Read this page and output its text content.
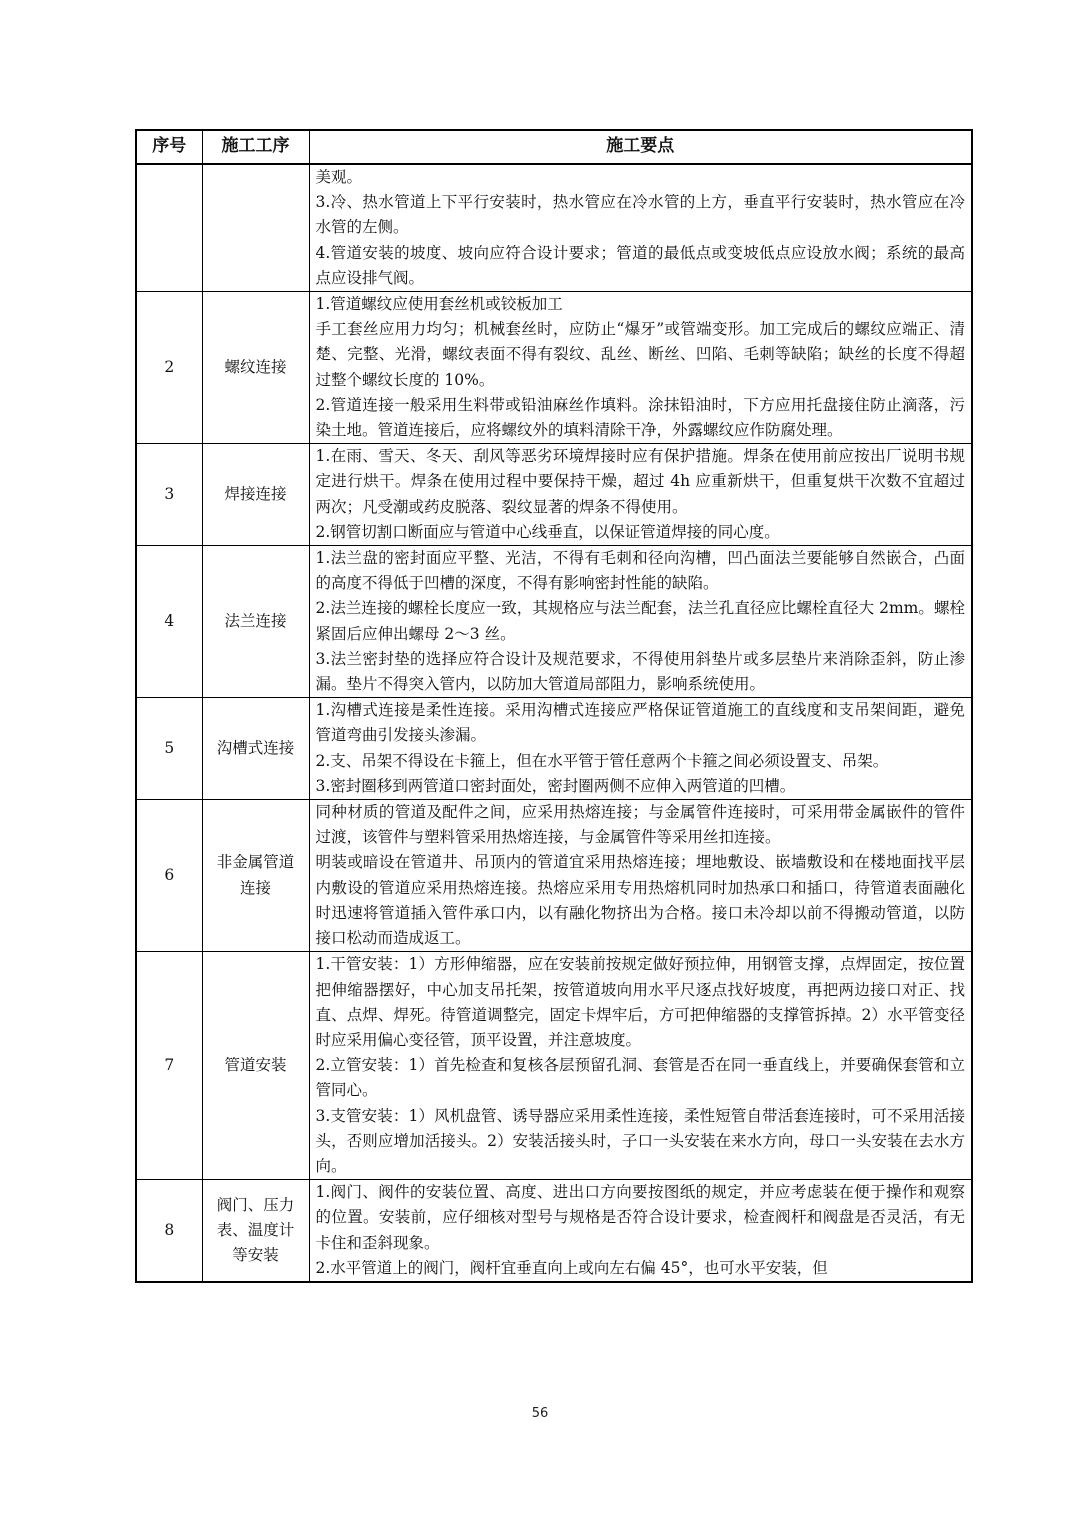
序号	施工工序	施工要点

		美观。
3.冷、热水管道上下平行安装时，热水管应在冷水管的上方，垂直平行安装时，热水管应在冷水管的左侧。
4.管道安装的坡度、坡向应符合设计要求；管道的最低点或变坡低点应设放水阀；系统的最高点应设排气阀。

2	螺纹连接	1.管道螺纹应使用套丝机或铰板加工
手工套丝应用力均匀；机械套丝时，应防止“爆牙”或管端变形。加工完成后的螺纹应端正、清楚、完整、光滑，螺纹表面不得有裂纹、乱丝、断丝、凹陷、毛刺等缺陷；缺丝的长度不得超过整个螺纹长度的 10%。
2.管道连接一般采用生料带或铅油麻丝作填料。涂抹铅油时，下方应用托盘接住防止滴落，污染土地。管道连接后，应将螺纹外的填料清除干净，外露螺纹应作防腐处理。

3	焊接连接	1.在雨、雪天、冬天、刮风等恶劣环境焊接时应有保护措施。焊条在使用前应按出厂说明书规定进行烘干。焊条在使用过程中要保持干燥，超过 4h 应重新烘干，但重复烘干次数不宜超过两次；凡受潮或药皮脱落、裂纹显著的焊条不得使用。
2.钢管切割口断面应与管道中心线垂直，以保证管道焊接的同心度。

4	法兰连接	1.法兰盘的密封面应平整、光洁，不得有毛刺和径向沟槽，凹凸面法兰要能够自然嵌合，凸面的高度不得低于凹槽的深度，不得有影响密封性能的缺陷。
2.法兰连接的螺栓长度应一致，其规格应与法兰配套，法兰孔直径应比螺栓直径大 2mm。螺栓紧固后应伸出螺母 2～3 丝。
3.法兰密封垫的选择应符合设计及规范要求，不得使用斜垫片或多层垫片来消除歪斜，防止渗漏。垫片不得突入管内，以防加大管道局部阻力，影响系统使用。

5	沟槽式连接	1.沟槽式连接是柔性连接。采用沟槽式连接应严格保证管道施工的直线度和支吊架间距，避免管道弯曲引发接头渗漏。
2.支、吊架不得设在卡箍上，但在水平管于管任意两个卡箍之间必须设置支、吊架。
3.密封圈移到两管道口密封面处，密封圈两侧不应伸入两管道的凹槽。

6	非金属管道连接	同种材质的管道及配件之间，应采用热熔连接；与金属管件连接时，可采用带金属嵌件的管件过渡，该管件与塑料管采用热熔连接，与金属管件等采用丝扣连接。
明装或暗设在管道井、吊顶内的管道宜采用热熔连接；埋地敷设、嵌墙敷设和在楼地面找平层内敷设的管道应采用热熔连接。热熔应采用专用热熔机同时加热承口和插口，待管道表面融化时迅速将管道插入管件承口内，以有融化物挤出为合格。接口未冷却以前不得搬动管道，以防接口松动而造成返工。

7	管道安装	1.干管安装：1）方形伸缩器，应在安装前按规定做好预拉伸，用钢管支撑，点焊固定，按位置把伸缩器摆好，中心加支吊托架，按管道坡向用水平尺逐点找好坡度，再把两边接口对正、找直、点焊、焊死。待管道调整完，固定卡焊牢后，方可把伸缩器的支撑管拆掉。2）水平管变径时应采用偏心变径管，顶平设置，并注意坡度。
2.立管安装：1）首先检查和复核各层预留孔洞、套管是否在同一垂直线上，并要确保套管和立管同心。
3.支管安装：1）风机盘管、诱导器应采用柔性连接，柔性短管自带活套连接时，可不采用活接头，否则应增加活接头。2）安装活接头时，子口一头安装在来水方向，母口一头安装在去水方向。

8	阀门、压力表、温度计等安装	1.阀门、阀件的安装位置、高度、进出口方向要按图纸的规定，并应考虑装在便于操作和观察的位置。安装前，应仔细核对型号与规格是否符合设计要求，检查阀杆和阀盘是否灵活，有无卡住和歪斜现象。
2.水平管道上的阀门，阀杆宜垂直向上或向左右偏 45°，也可水平安装，但
56
